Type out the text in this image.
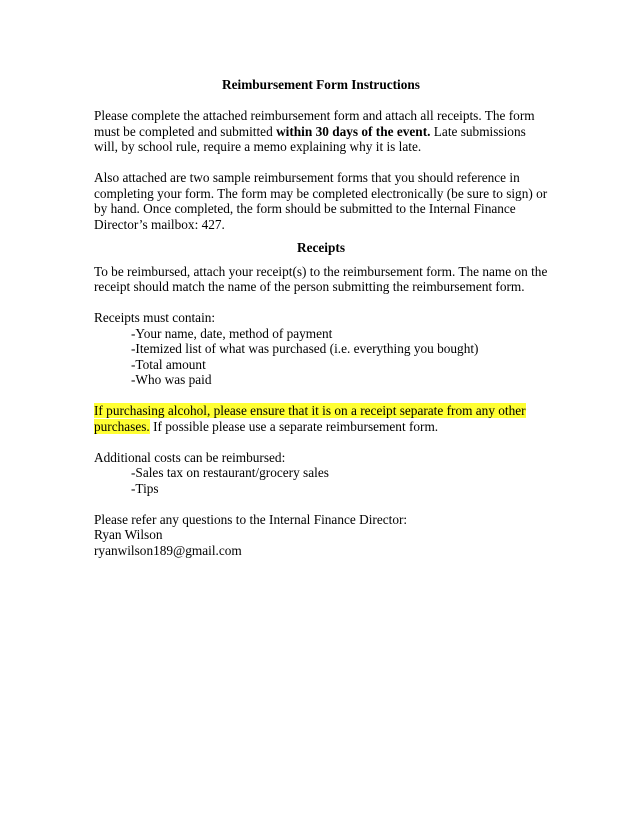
Reimbursement Form Instructions

Please complete the attached reimbursement form and attach all receipts. The form must be completed and submitted within 30 days of the event. Late submissions will, by school rule, require a memo explaining why it is late.

Also attached are two sample reimbursement forms that you should reference in completing your form. The form may be completed electronically (be sure to sign) or by hand. Once completed, the form should be submitted to the Internal Finance Director’s mailbox: 427.

Receipts

To be reimbursed, attach your receipt(s) to the reimbursement form. The name on the receipt should match the name of the person submitting the reimbursement form.

Receipts must contain:

-Your name, date, method of payment

-Itemized list of what was purchased (i.e. everything you bought)

-Total amount

-Who was paid

If purchasing alcohol, please ensure that it is on a receipt separate from any other purchases. If possible please use a separate reimbursement form.

Additional costs can be reimbursed:

-Sales tax on restaurant/grocery sales

-Tips

Please refer any questions to the Internal Finance Director:

Ryan Wilson

ryanwilson189@gmail.com
